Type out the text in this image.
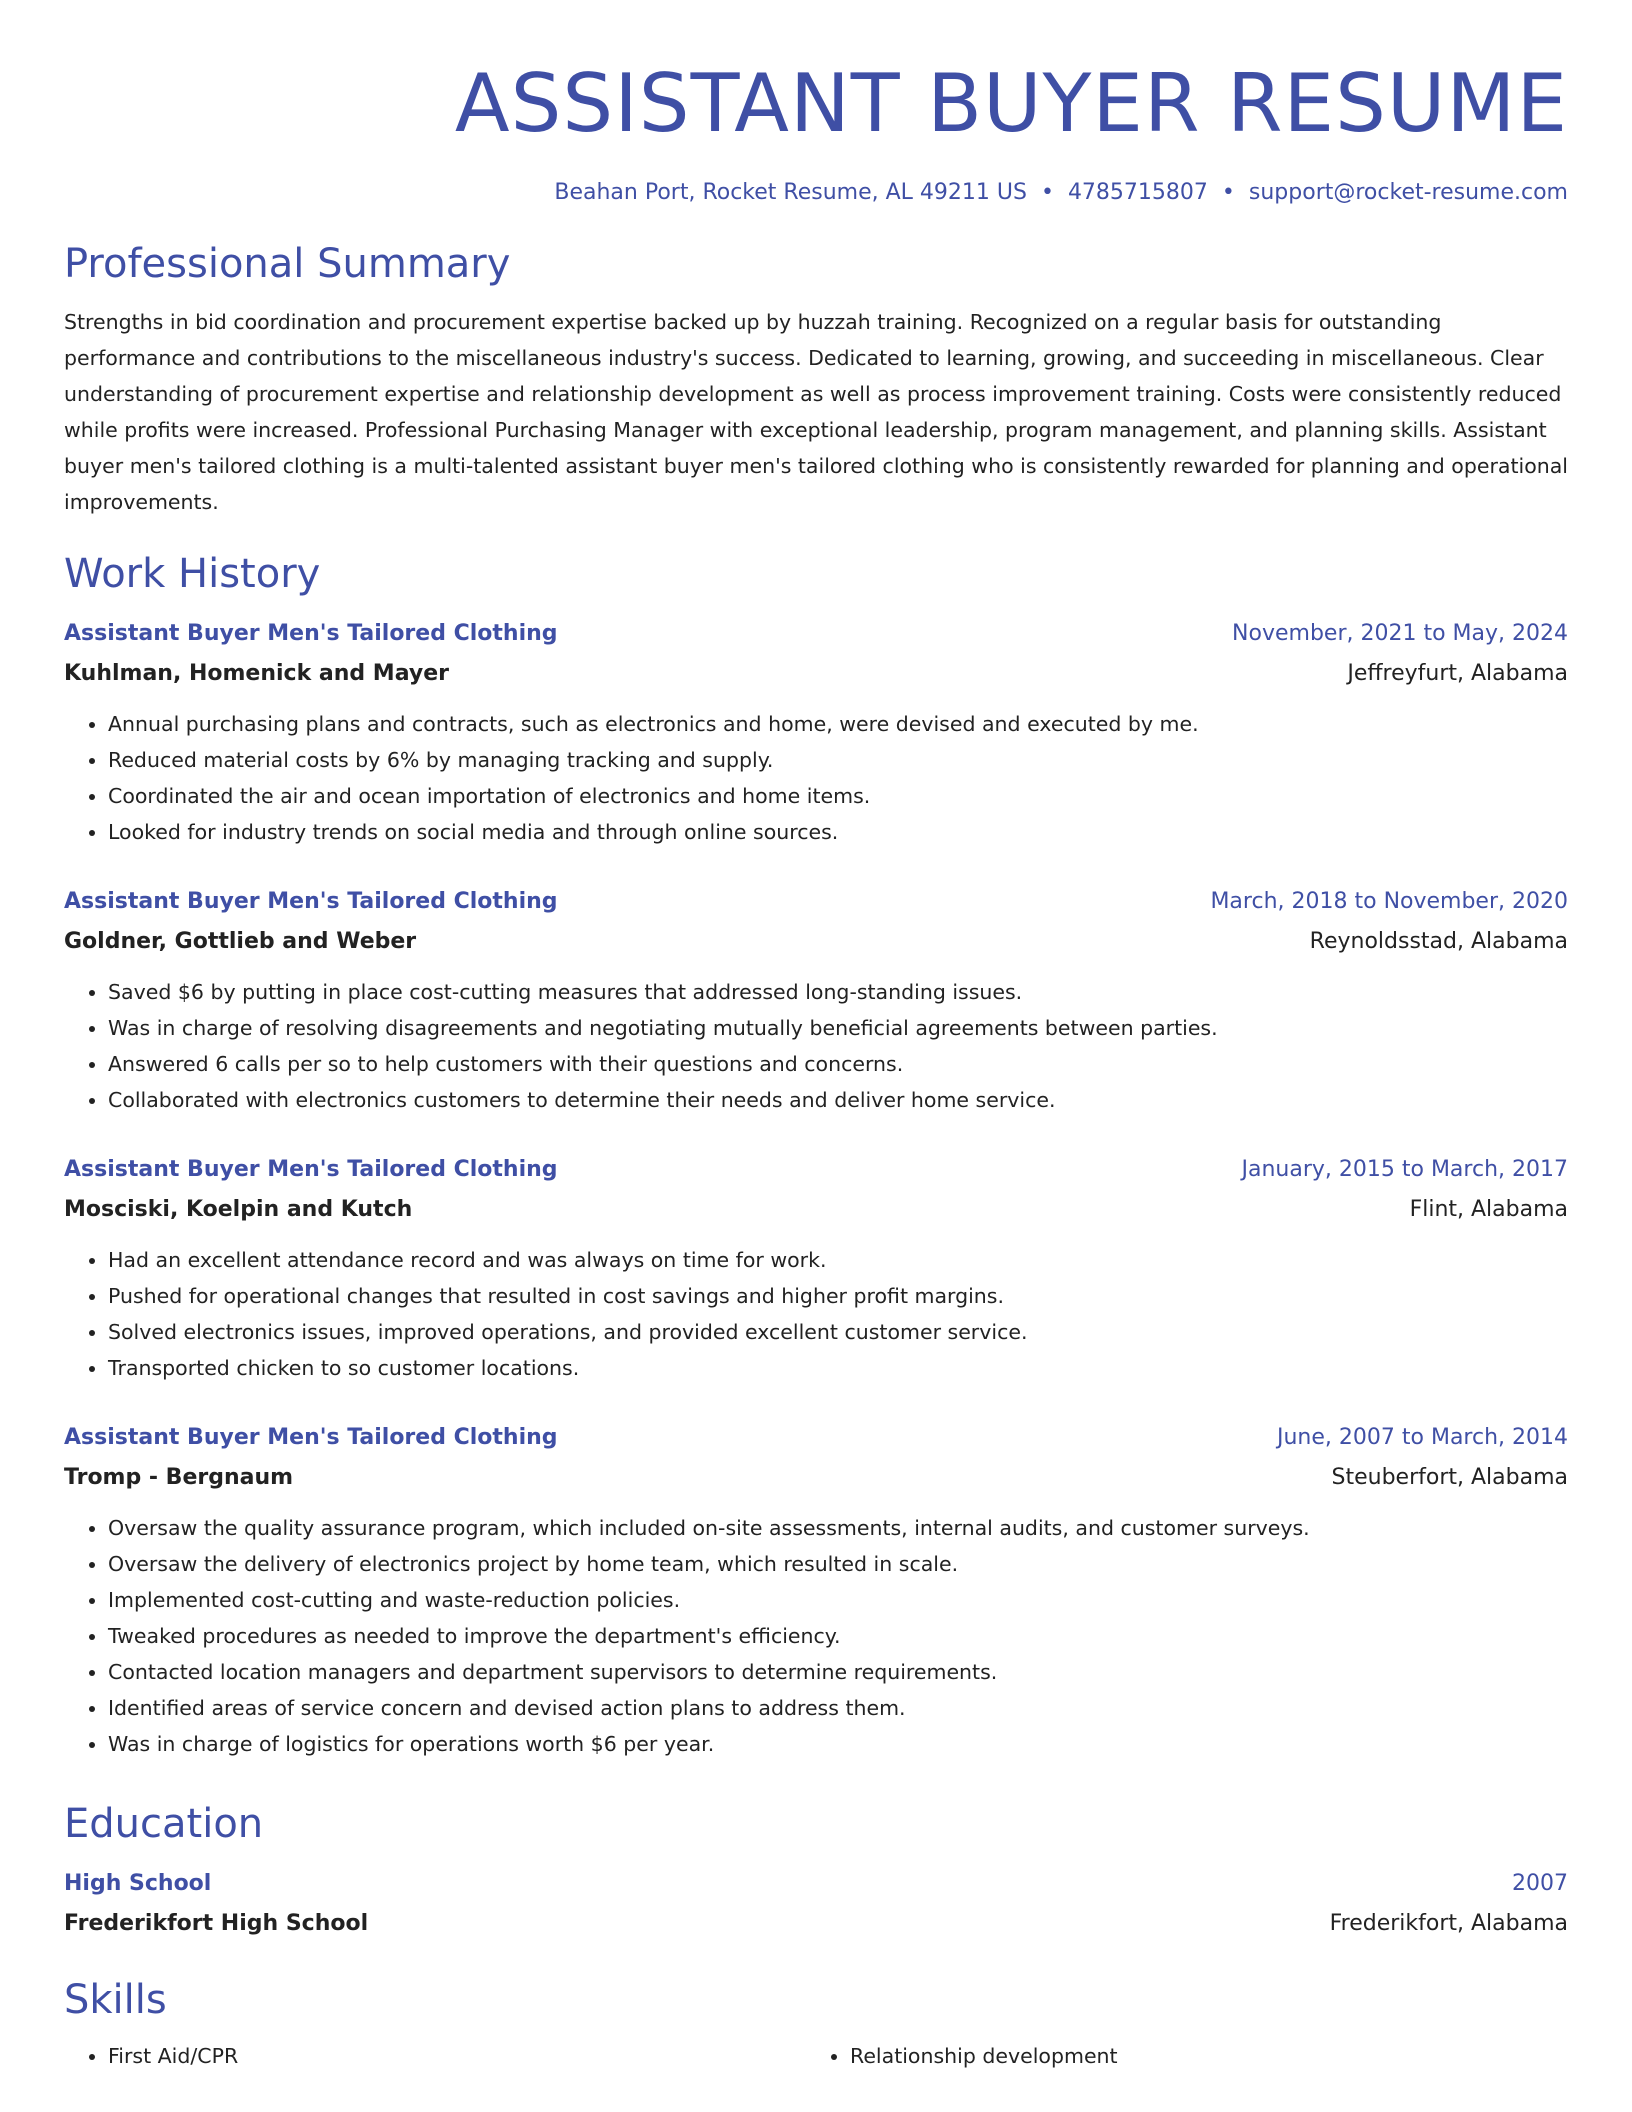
ASSISTANT BUYER RESUME
Beahan Port, Rocket Resume, AL 49211 US • 4785715807 • support@rocket-resume.com
Professional Summary
Strengths in bid coordination and procurement expertise backed up by huzzah training. Recognized on a regular basis for outstanding performance and contributions to the miscellaneous industry's success. Dedicated to learning, growing, and succeeding in miscellaneous. Clear understanding of procurement expertise and relationship development as well as process improvement training. Costs were consistently reduced while profits were increased. Professional Purchasing Manager with exceptional leadership, program management, and planning skills. Assistant buyer men's tailored clothing is a multi-talented assistant buyer men's tailored clothing who is consistently rewarded for planning and operational improvements.
Work History
Assistant Buyer Men's Tailored Clothing	November, 2021 to May, 2024
Kuhlman, Homenick and Mayer	Jeffreyfurt, Alabama
• Annual purchasing plans and contracts, such as electronics and home, were devised and executed by me.
• Reduced material costs by 6% by managing tracking and supply.
• Coordinated the air and ocean importation of electronics and home items.
• Looked for industry trends on social media and through online sources.
Assistant Buyer Men's Tailored Clothing	March, 2018 to November, 2020
Goldner, Gottlieb and Weber	Reynoldsstad, Alabama
• Saved $6 by putting in place cost-cutting measures that addressed long-standing issues.
• Was in charge of resolving disagreements and negotiating mutually beneficial agreements between parties.
• Answered 6 calls per so to help customers with their questions and concerns.
• Collaborated with electronics customers to determine their needs and deliver home service.
Assistant Buyer Men's Tailored Clothing	January, 2015 to March, 2017
Mosciski, Koelpin and Kutch	Flint, Alabama
• Had an excellent attendance record and was always on time for work.
• Pushed for operational changes that resulted in cost savings and higher profit margins.
• Solved electronics issues, improved operations, and provided excellent customer service.
• Transported chicken to so customer locations.
Assistant Buyer Men's Tailored Clothing	June, 2007 to March, 2014
Tromp - Bergnaum	Steuberfort, Alabama
• Oversaw the quality assurance program, which included on-site assessments, internal audits, and customer surveys.
• Oversaw the delivery of electronics project by home team, which resulted in scale.
• Implemented cost-cutting and waste-reduction policies.
• Tweaked procedures as needed to improve the department's efficiency.
• Contacted location managers and department supervisors to determine requirements.
• Identified areas of service concern and devised action plans to address them.
• Was in charge of logistics for operations worth $6 per year.
Education
High School	2007
Frederikfort High School	Frederikfort, Alabama
Skills
• First Aid/CPR
•	Relationship development
